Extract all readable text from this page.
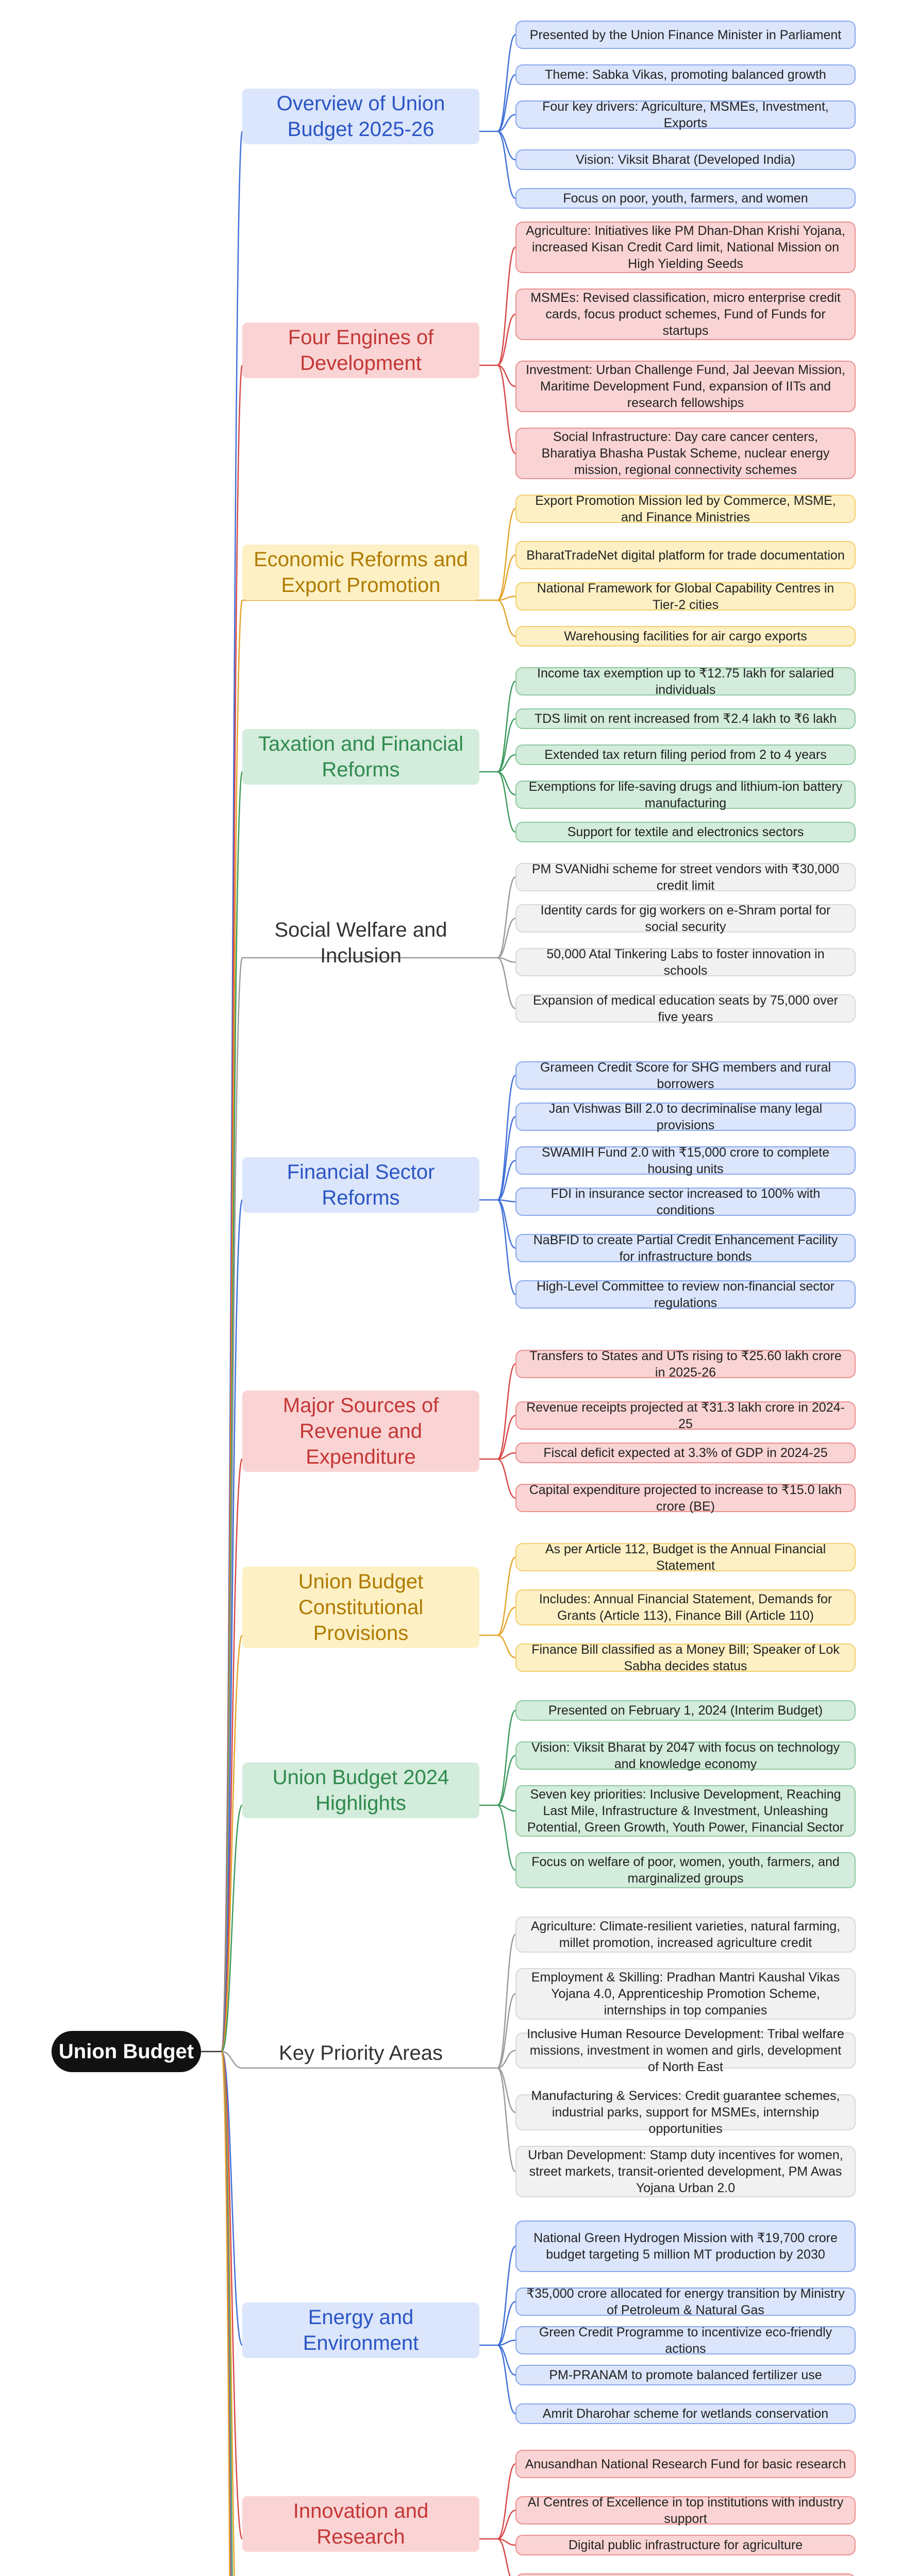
Union Budget
Overview of Union Budget 2025-26
Presented by the Union Finance Minister in Parliament
Theme: Sabka Vikas, promoting balanced growth
Four key drivers: Agriculture, MSMEs, Investment, Exports
Vision: Viksit Bharat (Developed India)
Focus on poor, youth, farmers, and women
Four Engines of Development
Agriculture: Initiatives like PM Dhan-Dhan Krishi Yojana, increased Kisan Credit Card limit, National Mission on High Yielding Seeds
MSMEs: Revised classification, micro enterprise credit cards, focus product schemes, Fund of Funds for startups
Investment: Urban Challenge Fund, Jal Jeevan Mission, Maritime Development Fund, expansion of IITs and research fellowships
Social Infrastructure: Day care cancer centers, Bharatiya Bhasha Pustak Scheme, nuclear energy mission, regional connectivity schemes
Economic Reforms and Export Promotion
Export Promotion Mission led by Commerce, MSME, and Finance Ministries
BharatTradeNet digital platform for trade documentation
National Framework for Global Capability Centres in Tier-2 cities
Warehousing facilities for air cargo exports
Taxation and Financial Reforms
Income tax exemption up to ₹12.75 lakh for salaried individuals
TDS limit on rent increased from ₹2.4 lakh to ₹6 lakh
Extended tax return filing period from 2 to 4 years
Exemptions for life-saving drugs and lithium-ion battery manufacturing
Support for textile and electronics sectors
Social Welfare and Inclusion
PM SVANidhi scheme for street vendors with ₹30,000 credit limit
Identity cards for gig workers on e-Shram portal for social security
50,000 Atal Tinkering Labs to foster innovation in schools
Expansion of medical education seats by 75,000 over five years
Financial Sector Reforms
Grameen Credit Score for SHG members and rural borrowers
Jan Vishwas Bill 2.0 to decriminalise many legal provisions
SWAMIH Fund 2.0 with ₹15,000 crore to complete housing units
FDI in insurance sector increased to 100% with conditions
NaBFID to create Partial Credit Enhancement Facility for infrastructure bonds
High-Level Committee to review non-financial sector regulations
Major Sources of Revenue and Expenditure
Transfers to States and UTs rising to ₹25.60 lakh crore in 2025-26
Revenue receipts projected at ₹31.3 lakh crore in 2024-25
Fiscal deficit expected at 3.3% of GDP in 2024-25
Capital expenditure projected to increase to ₹15.0 lakh crore (BE)
Union Budget Constitutional Provisions
As per Article 112, Budget is the Annual Financial Statement
Includes: Annual Financial Statement, Demands for Grants (Article 113), Finance Bill (Article 110)
Finance Bill classified as a Money Bill; Speaker of Lok Sabha decides status
Union Budget 2024 Highlights
Presented on February 1, 2024 (Interim Budget)
Vision: Viksit Bharat by 2047 with focus on technology and knowledge economy
Seven key priorities: Inclusive Development, Reaching Last Mile, Infrastructure & Investment, Unleashing Potential, Green Growth, Youth Power, Financial Sector
Focus on welfare of poor, women, youth, farmers, and marginalized groups
Key Priority Areas
Agriculture: Climate-resilient varieties, natural farming, millet promotion, increased agriculture credit
Employment & Skilling: Pradhan Mantri Kaushal Vikas Yojana 4.0, Apprenticeship Promotion Scheme, internships in top companies
Inclusive Human Resource Development: Tribal welfare missions, investment in women and girls, development of North East
Manufacturing & Services: Credit guarantee schemes, industrial parks, support for MSMEs, internship opportunities
Urban Development: Stamp duty incentives for women, street markets, transit-oriented development, PM Awas Yojana Urban 2.0
Energy and Environment
National Green Hydrogen Mission with ₹19,700 crore budget targeting 5 million MT production by 2030
₹35,000 crore allocated for energy transition by Ministry of Petroleum & Natural Gas
Green Credit Programme to incentivize eco-friendly actions
PM-PRANAM to promote balanced fertilizer use
Amrit Dharohar scheme for wetlands conservation
Innovation and Research
Anusandhan National Research Fund for basic research
AI Centres of Excellence in top institutions with industry support
Digital public infrastructure for agriculture
